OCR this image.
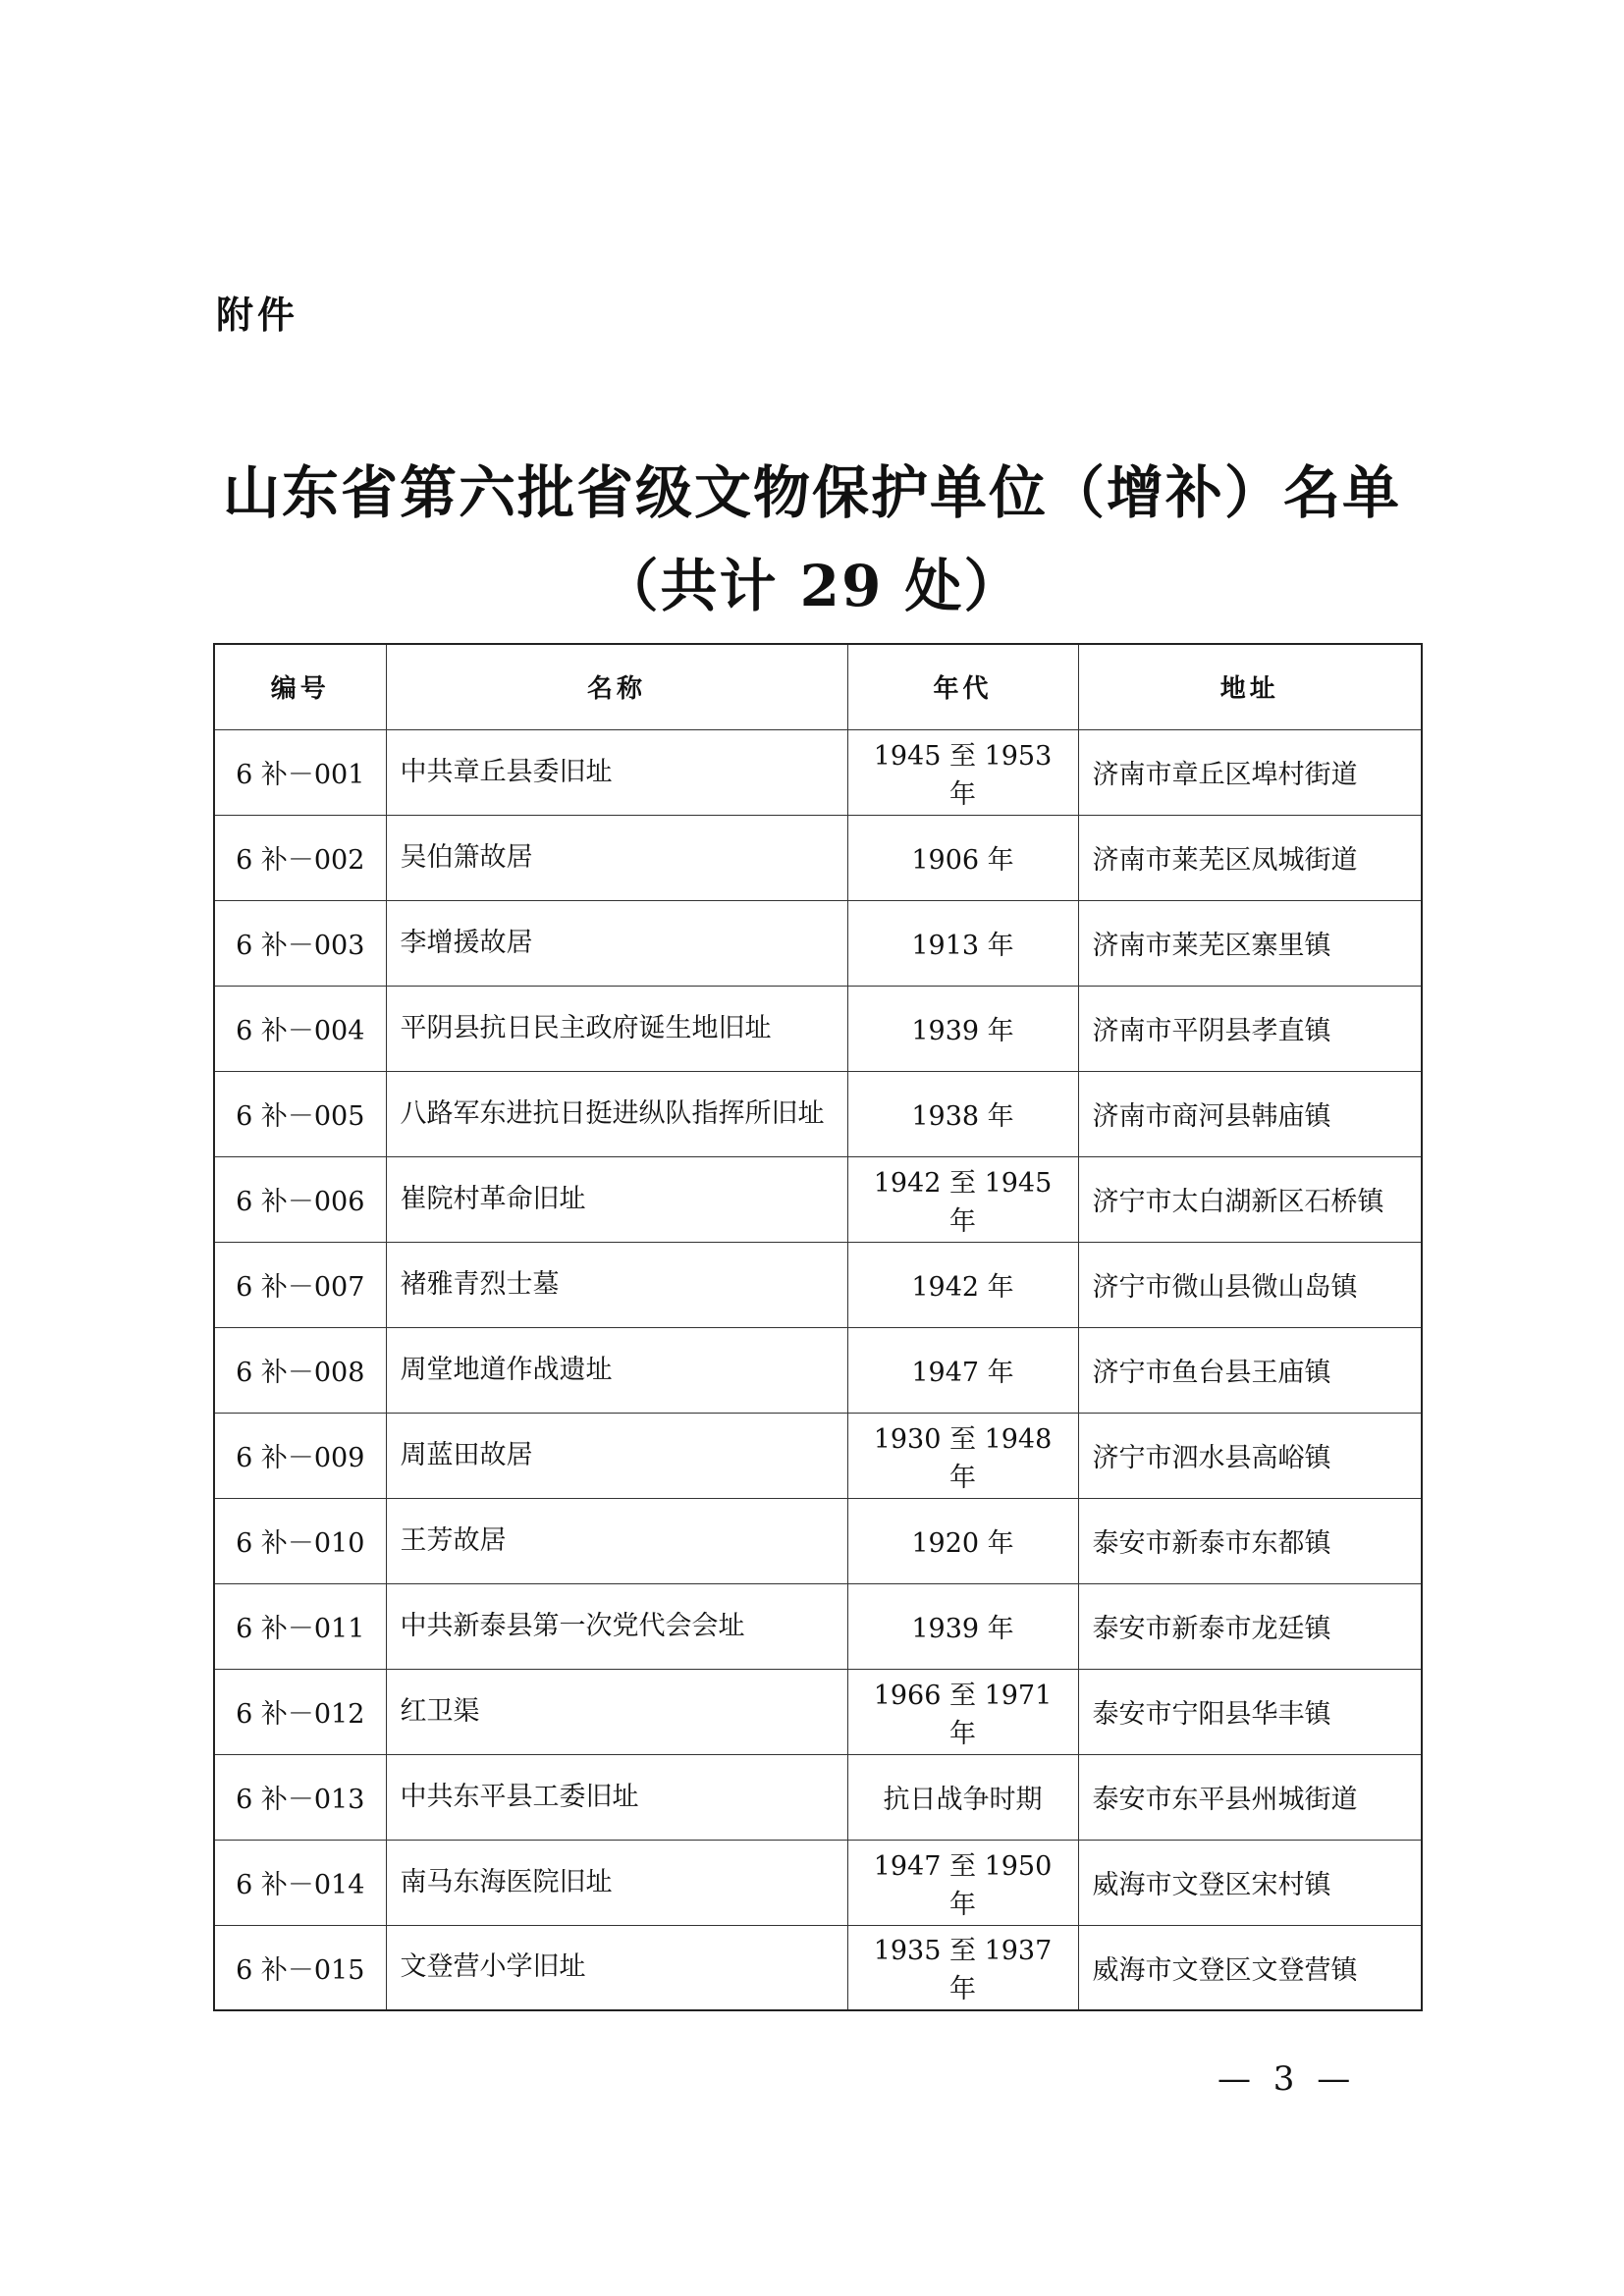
附件
山东省第六批省级文物保护单位（增补）名单
（共计 29 处）
编号	名称	年代	地址
6 补－001	中共章丘县委旧址	1945 至 1953 年	济南市章丘区埠村街道
6 补－002	吴伯箫故居	1906 年	济南市莱芜区凤城街道
6 补－003	李增援故居	1913 年	济南市莱芜区寨里镇
6 补－004	平阴县抗日民主政府诞生地旧址	1939 年	济南市平阴县孝直镇
6 补－005	八路军东进抗日挺进纵队指挥所旧址	1938 年	济南市商河县韩庙镇
6 补－006	崔院村革命旧址	1942 至 1945 年	济宁市太白湖新区石桥镇
6 补－007	褚雅青烈士墓	1942 年	济宁市微山县微山岛镇
6 补－008	周堂地道作战遗址	1947 年	济宁市鱼台县王庙镇
6 补－009	周蓝田故居	1930 至 1948 年	济宁市泗水县高峪镇
6 补－010	王芳故居	1920 年	泰安市新泰市东都镇
6 补－011	中共新泰县第一次党代会会址	1939 年	泰安市新泰市龙廷镇
6 补－012	红卫渠	1966 至 1971 年	泰安市宁阳县华丰镇
6 补－013	中共东平县工委旧址	抗日战争时期	泰安市东平县州城街道
6 补－014	南马东海医院旧址	1947 至 1950 年	威海市文登区宋村镇
6 补－015	文登营小学旧址	1935 至 1937 年	威海市文登区文登营镇
— 3 —
